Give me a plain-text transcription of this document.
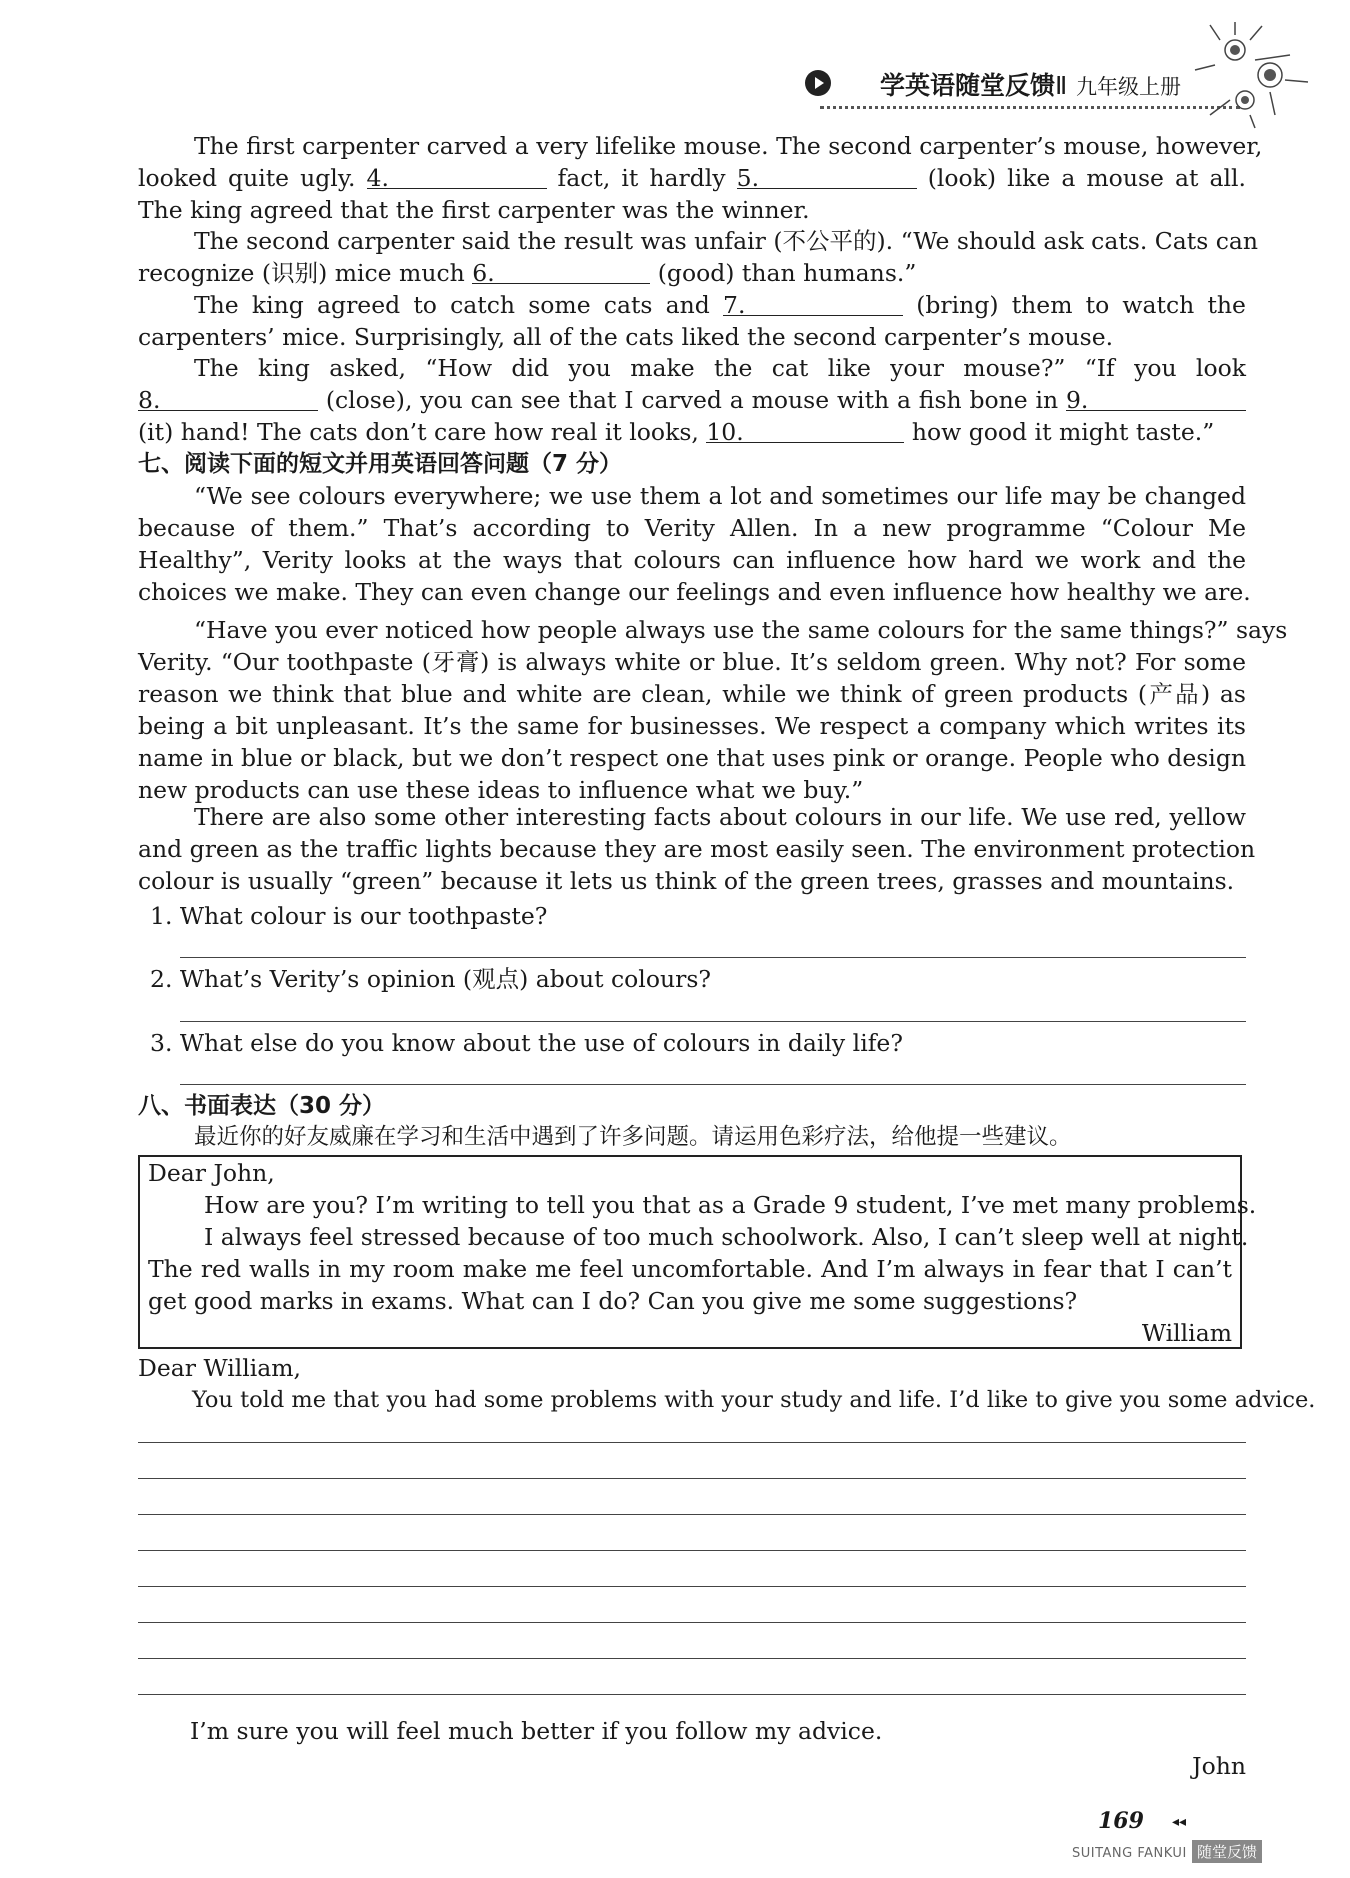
学英语随堂反馈Ⅱ 九年级上册
The first carpenter carved a very lifelike mouse. The second carpenter’s mouse, however,
looked quite ugly. 4.	fact, it hardly 5.	(look) like a mouse at all.
The king agreed that the first carpenter was the winner.
The second carpenter said the result was unfair (不公平的). “We should ask cats. Cats can
recognize (识别) mice much 6.	(good) than humans.”
The king agreed to catch some cats and 7.	(bring) them to watch the
carpenters’ mice. Surprisingly, all of the cats liked the second carpenter’s mouse.
The king asked, “How did you make the cat like your mouse?” “If you look
8.	(close), you can see that I carved a mouse with a fish bone in 9.
(it) hand! The cats don’t care how real it looks, 10.	how good it might taste.”
七、阅读下面的短文并用英语回答问题（7 分）
“We see colours everywhere; we use them a lot and sometimes our life may be changed
because of them.” That’s according to Verity Allen. In a new programme “Colour Me
Healthy”, Verity looks at the ways that colours can influence how hard we work and the
choices we make. They can even change our feelings and even influence how healthy we are.
“Have you ever noticed how people always use the same colours for the same things?” says
Verity. “Our toothpaste (牙膏) is always white or blue. It’s seldom green. Why not? For some
reason we think that blue and white are clean, while we think of green products (产品) as
being a bit unpleasant. It’s the same for businesses. We respect a company which writes its
name in blue or black, but we don’t respect one that uses pink or orange. People who design
new products can use these ideas to influence what we buy.”
There are also some other interesting facts about colours in our life. We use red, yellow
and green as the traffic lights because they are most easily seen. The environment protection
colour is usually “green” because it lets us think of the green trees, grasses and mountains.
1. What colour is our toothpaste?
2. What’s Verity’s opinion (观点) about colours?
3. What else do you know about the use of colours in daily life?
八、书面表达（30 分）
最近你的好友威廉在学习和生活中遇到了许多问题。请运用色彩疗法，给他提一些建议。
Dear John,
How are you? I’m writing to tell you that as a Grade 9 student, I’ve met many problems.
I always feel stressed because of too much schoolwork. Also, I can’t sleep well at night.
The red walls in my room make me feel uncomfortable. And I’m always in fear that I can’t
get good marks in exams. What can I do? Can you give me some suggestions?
William
Dear William,
You told me that you had some problems with your study and life. I’d like to give you some advice.
I’m sure you will feel much better if you follow my advice.
John
169 ◂◂
SUITANG FANKUI 随堂反馈
